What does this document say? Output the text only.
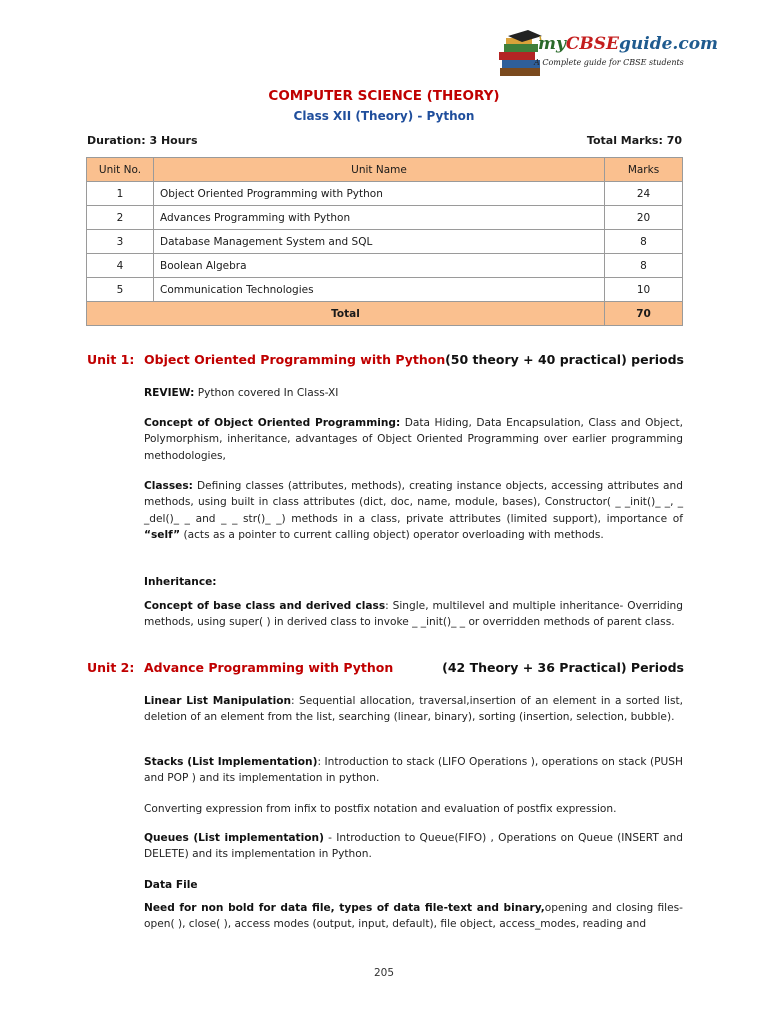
myCBSEguide.com
A Complete guide for CBSE students
COMPUTER SCIENCE (THEORY)
Class XII (Theory) - Python
Duration: 3 Hours	Total Marks: 70
Unit No.	Unit Name	Marks
1	Object Oriented Programming with Python	24
2	Advances Programming with Python	20
3	Database Management System and SQL	8
4	Boolean Algebra	8
5	Communication Technologies	10
Total		70
Unit 1: Object Oriented Programming with Python (50 theory + 40 practical) periods
REVIEW: Python covered In Class-XI
Concept of Object Oriented Programming: Data Hiding, Data Encapsulation, Class and Object, Polymorphism, inheritance, advantages of Object Oriented Programming over earlier programming methodologies,
Classes: Defining classes (attributes, methods), creating instance objects, accessing attributes and methods, using built in class attributes (dict, doc, name, module, bases), Constructor( _ _init()_ _, _ _del()_ _ and _ _ str()_ _) methods in a class, private attributes (limited support), importance of “self” (acts as a pointer to current calling object) operator overloading with methods.
Inheritance:
Concept of base class and derived class: Single, multilevel and multiple inheritance- Overriding methods, using super( ) in derived class to invoke _ _init()_ _ or overridden methods of parent class.
Unit 2: Advance Programming with Python	(42 Theory + 36 Practical) Periods
Linear List Manipulation: Sequential allocation, traversal,insertion of an element in a sorted list, deletion of an element from the list, searching (linear, binary), sorting (insertion, selection, bubble).
Stacks (List Implementation): Introduction to stack (LIFO Operations ), operations on stack (PUSH and POP ) and its implementation in python.
Converting expression from infix to postfix notation and evaluation of postfix expression.
Queues (List implementation) - Introduction to Queue(FIFO) , Operations on Queue (INSERT and DELETE) and its implementation in Python.
Data File
Need for non bold for data file, types of data file-text and binary,opening and closing files- open( ), close( ), access modes (output, input, default), file object, access_modes, reading and
205
